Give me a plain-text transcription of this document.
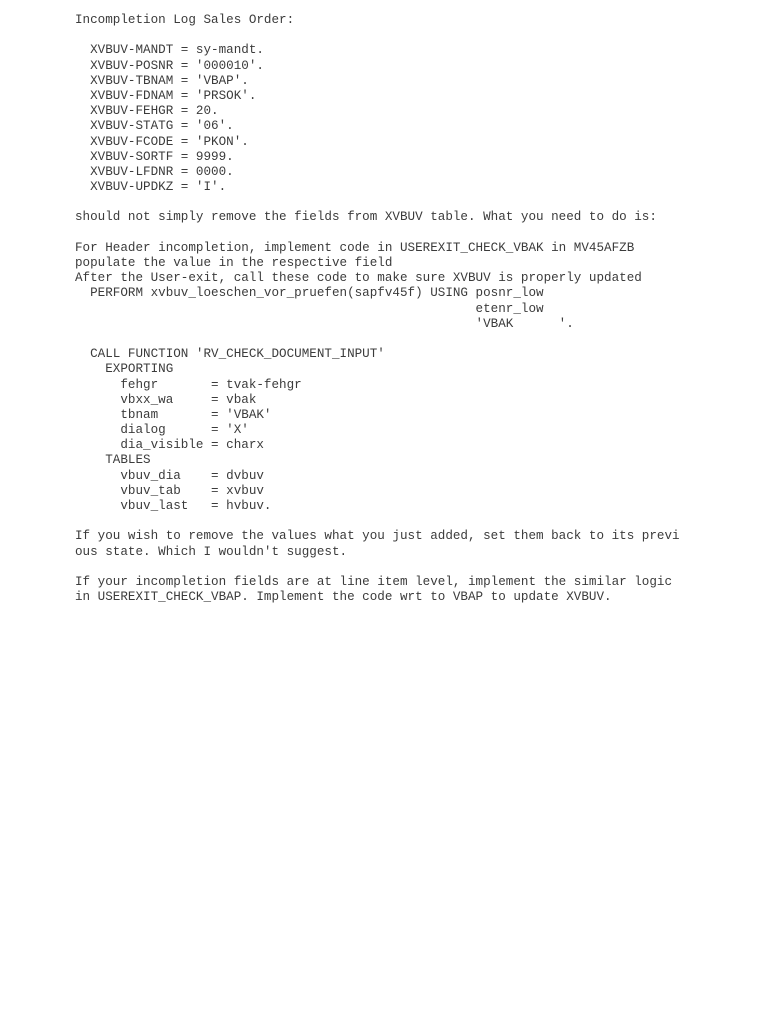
Incompletion Log Sales Order:
XVBUV-MANDT = sy-mandt.
XVBUV-POSNR = '000010'.
XVBUV-TBNAM = 'VBAP'.
XVBUV-FDNAM = 'PRSOK'.
XVBUV-FEHGR = 20.
XVBUV-STATG = '06'.
XVBUV-FCODE = 'PKON'.
XVBUV-SORTF = 9999.
XVBUV-LFDNR = 0000.
XVBUV-UPDKZ = 'I'.
should not simply remove the fields from XVBUV table. What you need to do is:
For Header incompletion, implement code in USEREXIT_CHECK_VBAK in MV45AFZB
populate the value in the respective field
After the User-exit, call these code to make sure XVBUV is properly updated
PERFORM xvbuv_loeschen_vor_pruefen(sapfv45f) USING posnr_low
etenr_low
'VBAK      '.
CALL FUNCTION 'RV_CHECK_DOCUMENT_INPUT'
EXPORTING
fehgr       = tvak-fehgr
vbxx_wa     = vbak
tbnam       = 'VBAK'
dialog      = 'X'
dia_visible = charx
TABLES
vbuv_dia    = dvbuv
vbuv_tab    = xvbuv
vbuv_last   = hvbuv.
If you wish to remove the values what you just added, set them back to its previ
ous state. Which I wouldn't suggest.
If your incompletion fields are at line item level, implement the similar logic
in USEREXIT_CHECK_VBAP. Implement the code wrt to VBAP to update XVBUV.
